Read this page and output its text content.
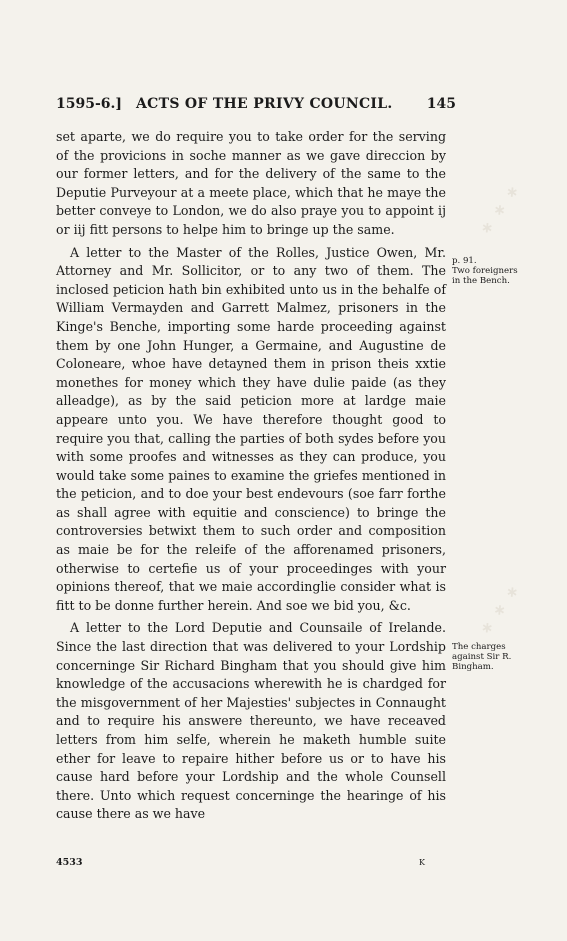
∗ ∗ ∗
∗ ∗ ∗
1595-6.] ACTS OF THE PRIVY COUNCIL. 145

set aparte, we do require you to take order for the serving of the provicions in soche manner as we gave direccion by our former letters, and for the delivery of the same to the Deputie Purveyour at a meete place, which that he maye the better conveye to London, we do also praye you to appoint ij or iij fitt persons to helpe him to bringe up the same.

A letter to the Master of the Rolles, Justice Owen, Mr. Attorney and Mr. Sollicitor, or to any two of them. The inclosed peticion hath bin exhibited unto us in the behalfe of William Vermayden and Garrett Malmez, prisoners in the Kinge's Benche, importing some harde proceeding against them by one John Hunger, a Germaine, and Augustine de Coloneare, whoe have detayned them in prison theis xxtie monethes for money which they have dulie paide (as they alleadge), as by the said peticion more at lardge maie appeare unto you. We have therefore thought good to require you that, calling the parties of both sydes before you with some proofes and witnesses as they can produce, you would take some paines to examine the griefes mentioned in the peticion, and to doe your best endevours (soe farr forthe as shall agree with equitie and conscience) to bringe the controversies betwixt them to such order and composition as maie be for the releife of the afforenamed prisoners, otherwise to certefie us of your proceedinges with your opinions thereof, that we maie accordinglie consider what is fitt to be donne further herein. And soe we bid you, &c.

A letter to the Lord Deputie and Counsaile of Irelande. Since the last direction that was delivered to your Lordship concerninge Sir Richard Bingham that you should give him knowledge of the accusacions wherewith he is chardged for the misgovernment of her Majesties' subjectes in Connaught and to require his answere thereunto, we have receaved letters from him selfe, wherein he maketh humble suite ether for leave to repaire hither before us or to have his cause hard before your Lordship and the whole Counsell there. Unto which request concerninge the hearinge of his cause there as we have

p. 91.
Two foreigners in the Bench.
The charges against Sir R. Bingham.
4533	K
